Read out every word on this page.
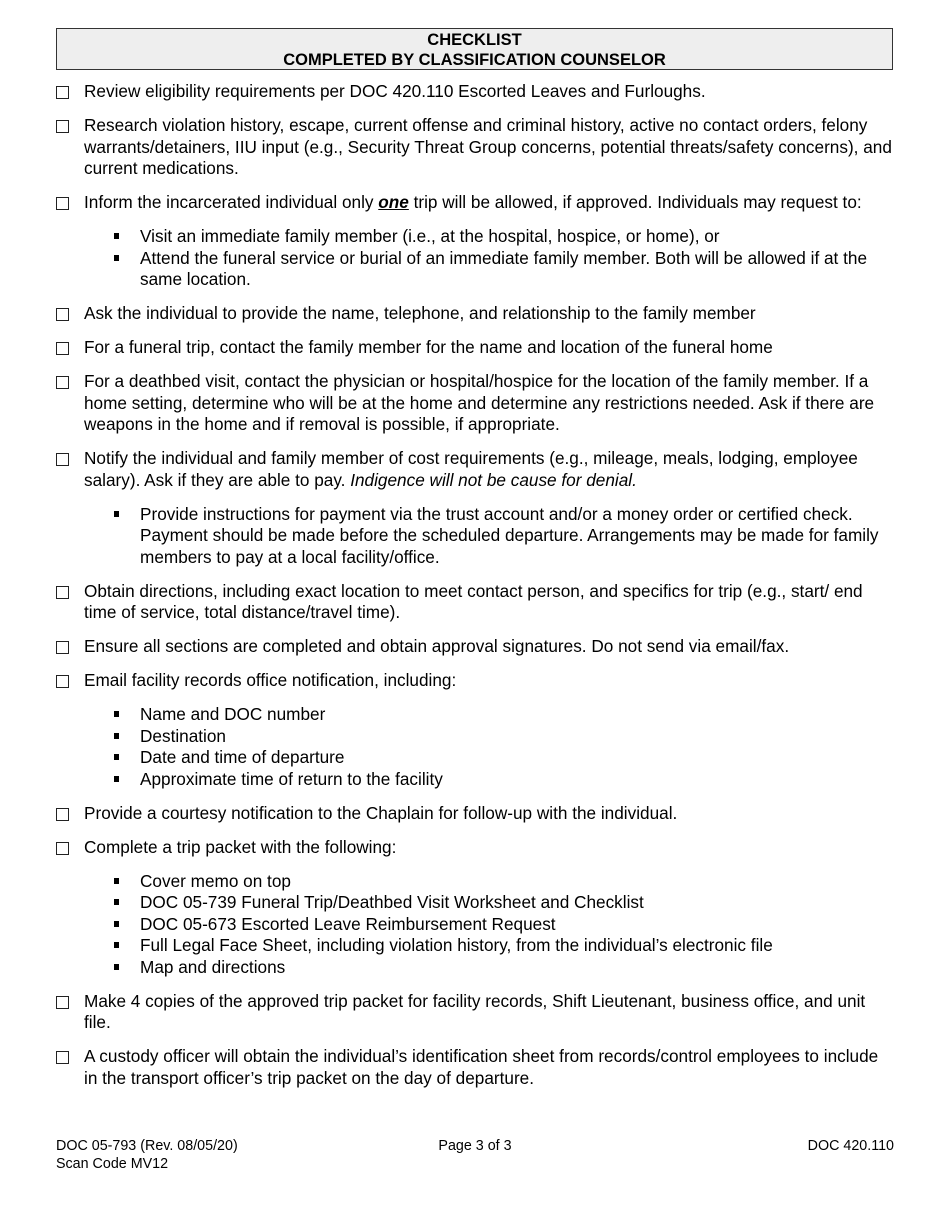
CHECKLIST
COMPLETED BY CLASSIFICATION COUNSELOR
Review eligibility requirements per DOC 420.110 Escorted Leaves and Furloughs.
Research violation history, escape, current offense and criminal history, active no contact orders, felony warrants/detainers, IIU input (e.g., Security Threat Group concerns, potential threats/safety concerns), and current medications.
Inform the incarcerated individual only one trip will be allowed, if approved. Individuals may request to:
Visit an immediate family member (i.e., at the hospital, hospice, or home), or
Attend the funeral service or burial of an immediate family member. Both will be allowed if at the same location.
Ask the individual to provide the name, telephone, and relationship to the family member
For a funeral trip, contact the family member for the name and location of the funeral home
For a deathbed visit, contact the physician or hospital/hospice for the location of the family member. If a home setting, determine who will be at the home and determine any restrictions needed. Ask if there are weapons in the home and if removal is possible, if appropriate.
Notify the individual and family member of cost requirements (e.g., mileage, meals, lodging, employee salary). Ask if they are able to pay. Indigence will not be cause for denial.
Provide instructions for payment via the trust account and/or a money order or certified check. Payment should be made before the scheduled departure. Arrangements may be made for family members to pay at a local facility/office.
Obtain directions, including exact location to meet contact person, and specifics for trip (e.g., start/ end time of service, total distance/travel time).
Ensure all sections are completed and obtain approval signatures. Do not send via email/fax.
Email facility records office notification, including:
Name and DOC number
Destination
Date and time of departure
Approximate time of return to the facility
Provide a courtesy notification to the Chaplain for follow-up with the individual.
Complete a trip packet with the following:
Cover memo on top
DOC 05-739 Funeral Trip/Deathbed Visit Worksheet and Checklist
DOC 05-673 Escorted Leave Reimbursement Request
Full Legal Face Sheet, including violation history, from the individual’s electronic file
Map and directions
Make 4 copies of the approved trip packet for facility records, Shift Lieutenant, business office, and unit file.
A custody officer will obtain the individual’s identification sheet from records/control employees to include in the transport officer’s trip packet on the day of departure.
DOC 05-793 (Rev. 08/05/20)
Scan Code MV12
Page 3 of 3	DOC 420.110
